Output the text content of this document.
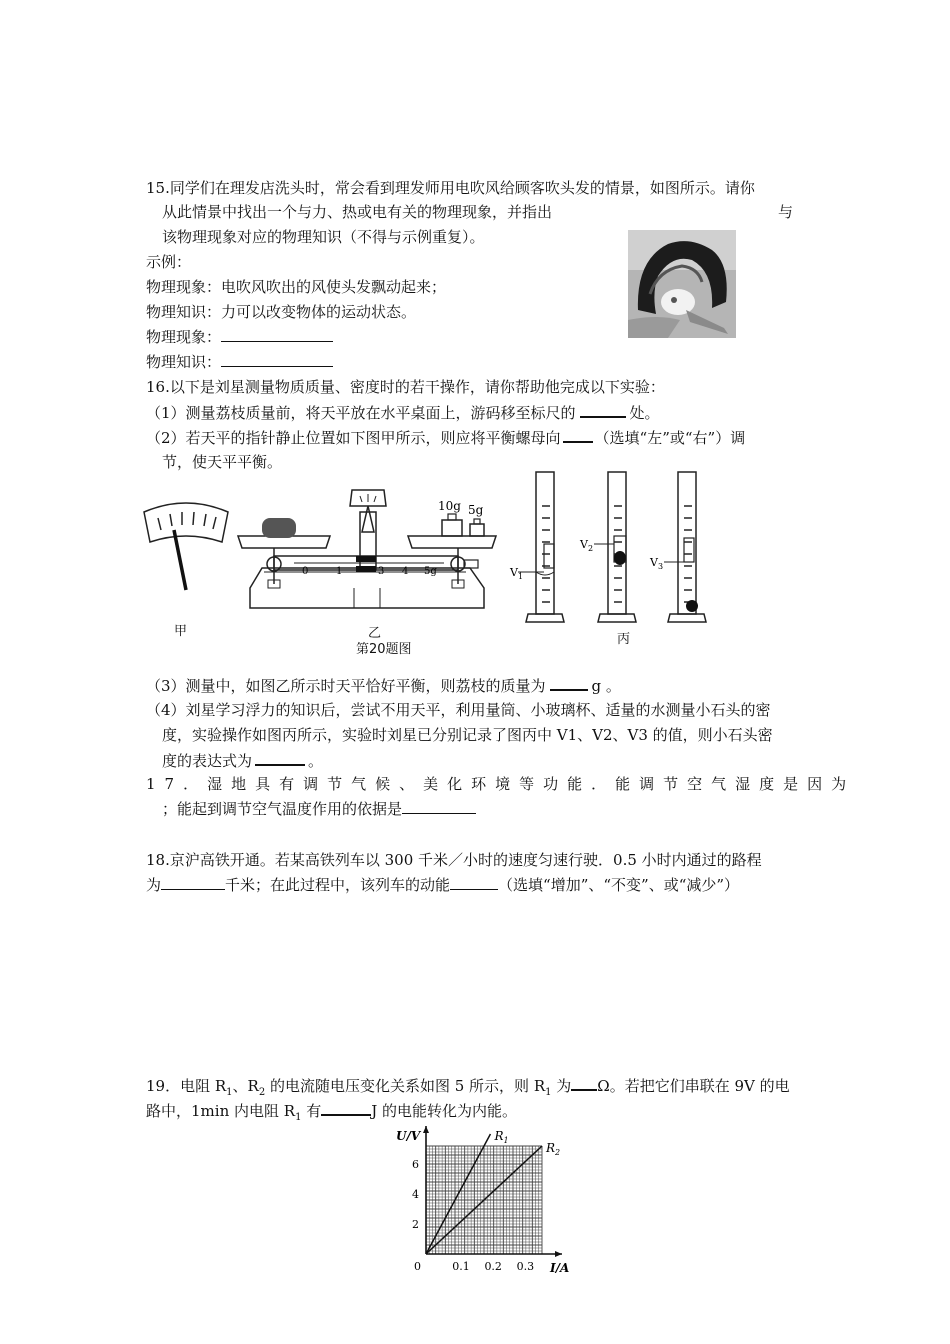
15.同学们在理发店洗头时，常会看到理发师用电吹风给顾客吹头发的情景，如图所示。请你
从此情景中找出一个与力、热或电有关的物理现象，并指出	与
该物理现象对应的物理知识（不得与示例重复）。
示例：
物理现象：电吹风吹出的风使头发飘动起来；
物理知识：力可以改变物体的运动状态。
物理现象：
物理知识：
16.以下是刘星测量物质质量、密度时的若干操作，请你帮助他完成以下实验：
（1）测量荔枝质量前，将天平放在水平桌面上，游码移至标尺的	处。
（2）若天平的指针静止位置如下图甲所示，则应将平衡螺母向 （选填“左”或“右”）调
节，使天平平衡。
甲
0	1	3 4 5g
10g 5g
乙
第20题图
$V_1$
$V_2$
$V_3$
丙
（3）测量中，如图乙所示时天平恰好平衡，则荔枝的质量为	g 。
（4）刘星学习浮力的知识后，尝试不用天平，利用量筒、小玻璃杯、适量的水测量小石头的密
度，实验操作如图丙所示，实验时刘星已分别记录了图丙中 V1、V2、V3 的值，则小石头密
度的表达式为	。
17．湿地具有调节气候、美化环境等功能．能调节空气湿度是因为
；能起到调节空气温度作用的依据是
18.京沪高铁开通。若某高铁列车以 300 千米／小时的速度匀速行驶．0.5 小时内通过的路程
为	千米；在此过程中，该列车的动能	（选填“增加”、“不变”、或“减少”）
19．电阻 $R_1$、$R_2$ 的电流随电压变化关系如图 5 所示，则 $R_1$ 为 Ω。若把它们串联在 9V 的电
路中，1min 内电阻 $R_1$ 有	J 的电能转化为内能。
0	0.1 0.2 0.3
2
4
6
I/A
U/V	$R_1$
$R_2$
